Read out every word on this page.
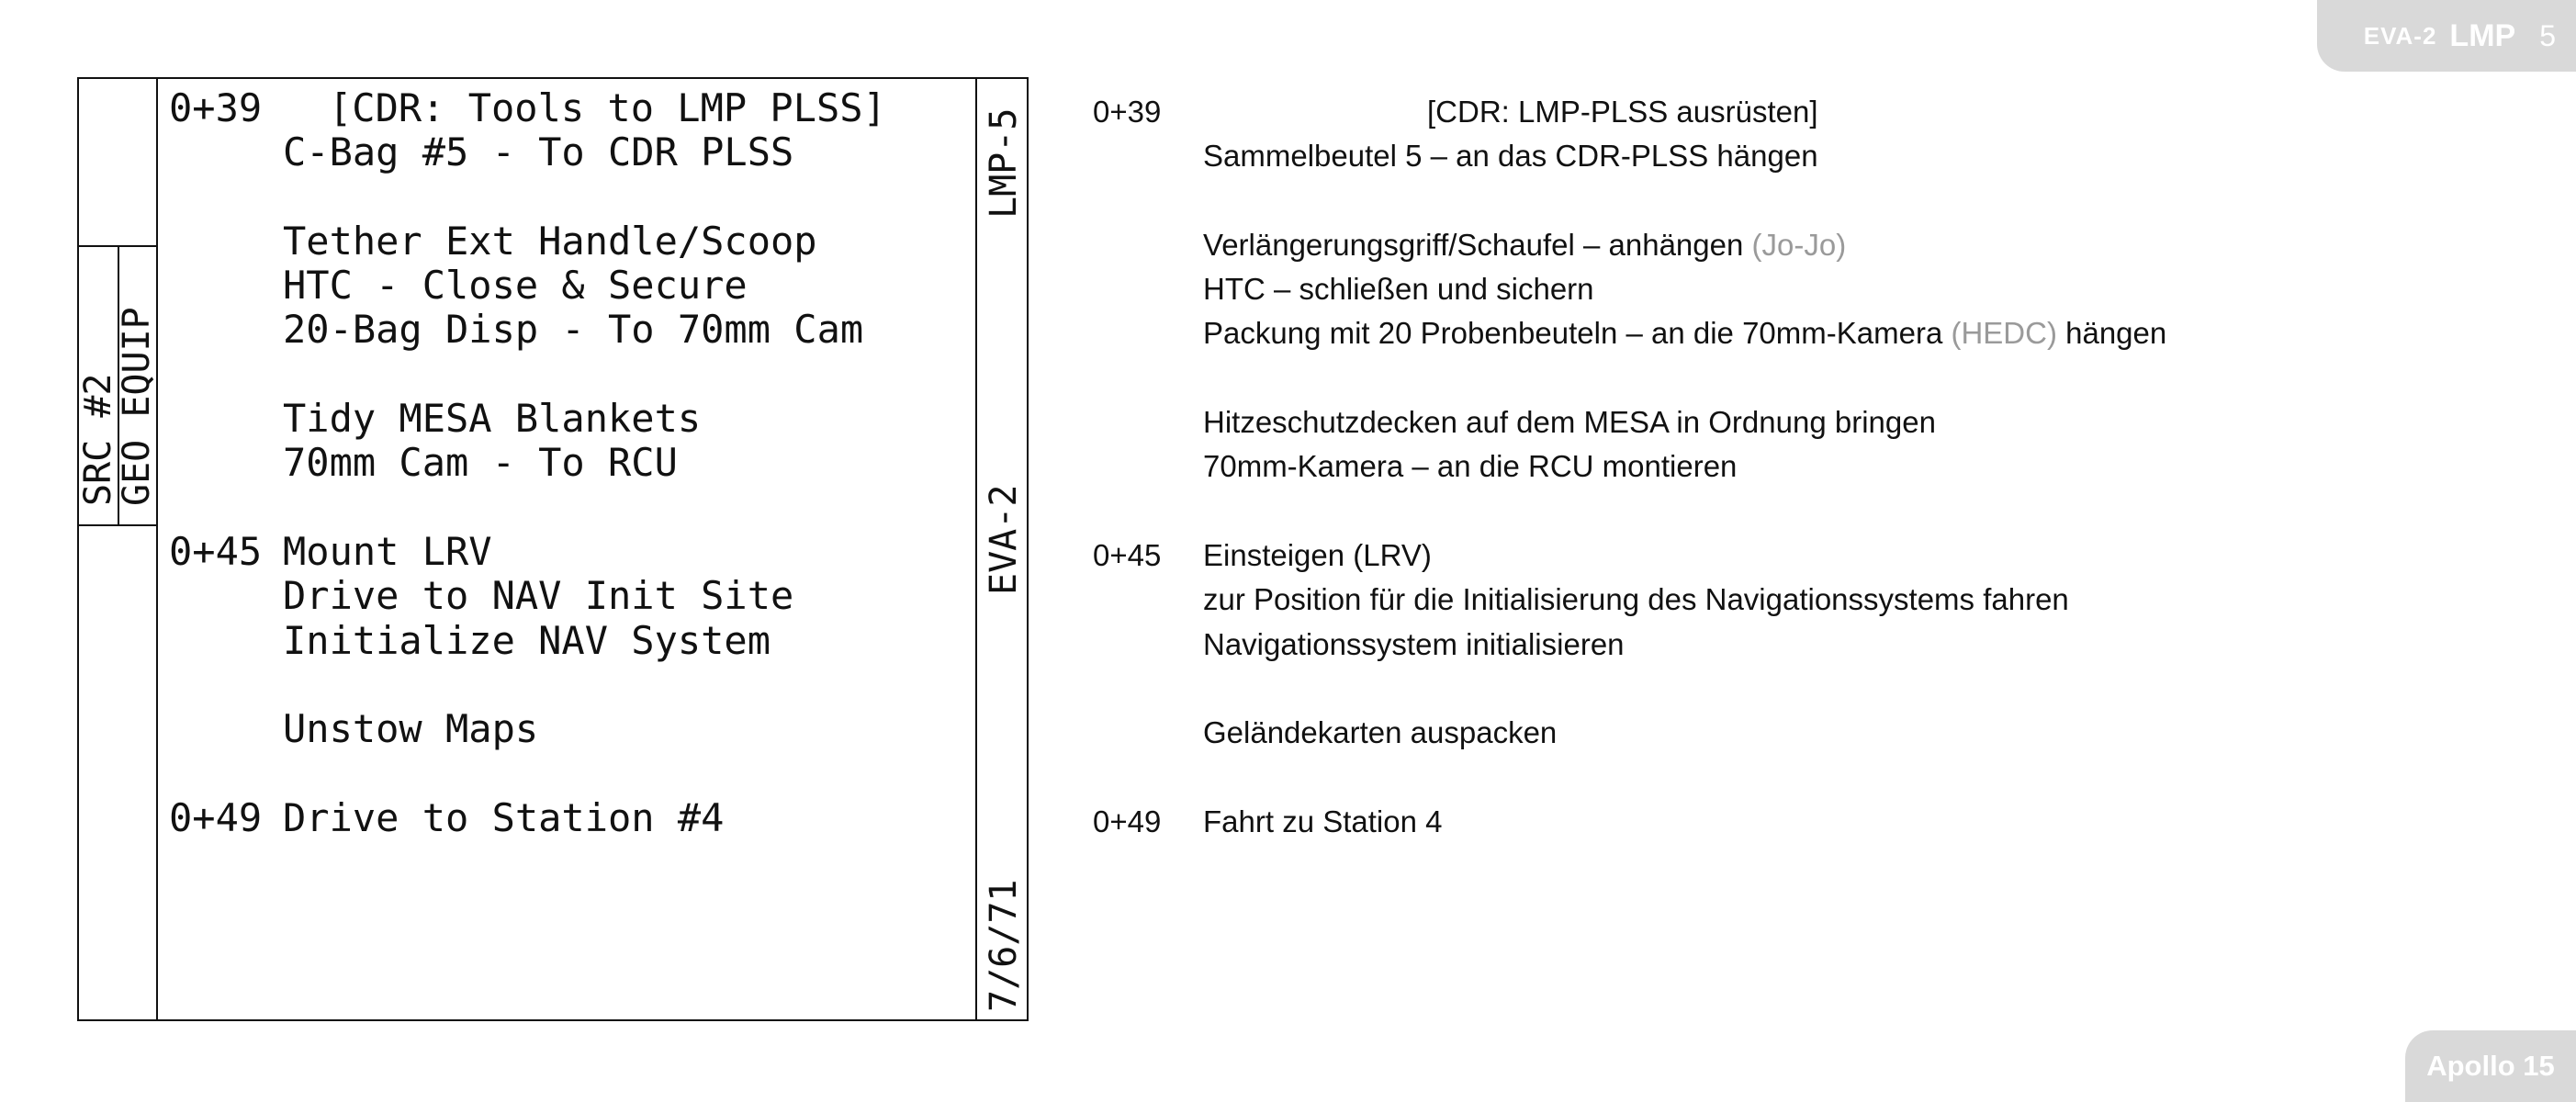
EVA-2 LMP 5
SRC #2
GEO EQUIP
LMP-5
EVA-2
7/6/71
0+39 [CDR: Tools to LMP PLSS]
C-Bag #5 - To CDR PLSS
Tether Ext Handle/Scoop
HTC - Close & Secure
20-Bag Disp - To 70mm Cam
Tidy MESA Blankets
70mm Cam - To RCU
0+45 Mount LRV
Drive to NAV Init Site
Initialize NAV System
Unstow Maps
0+49 Drive to Station #4
0+39	[CDR: LMP-PLSS ausrüsten]
Sammelbeutel 5 – an das CDR-PLSS hängen
Verlängerungsgriff/Schaufel – anhängen (Jo-Jo)
HTC – schließen und sichern
Packung mit 20 Probenbeuteln – an die 70mm-Kamera (HEDC) hängen
Hitzeschutzdecken auf dem MESA in Ordnung bringen
70mm-Kamera – an die RCU montieren
0+45 Einsteigen (LRV)
zur Position für die Initialisierung des Navigationssystems fahren
Navigationssystem initialisieren
Geländekarten auspacken
0+49 Fahrt zu Station 4
Apollo 15
